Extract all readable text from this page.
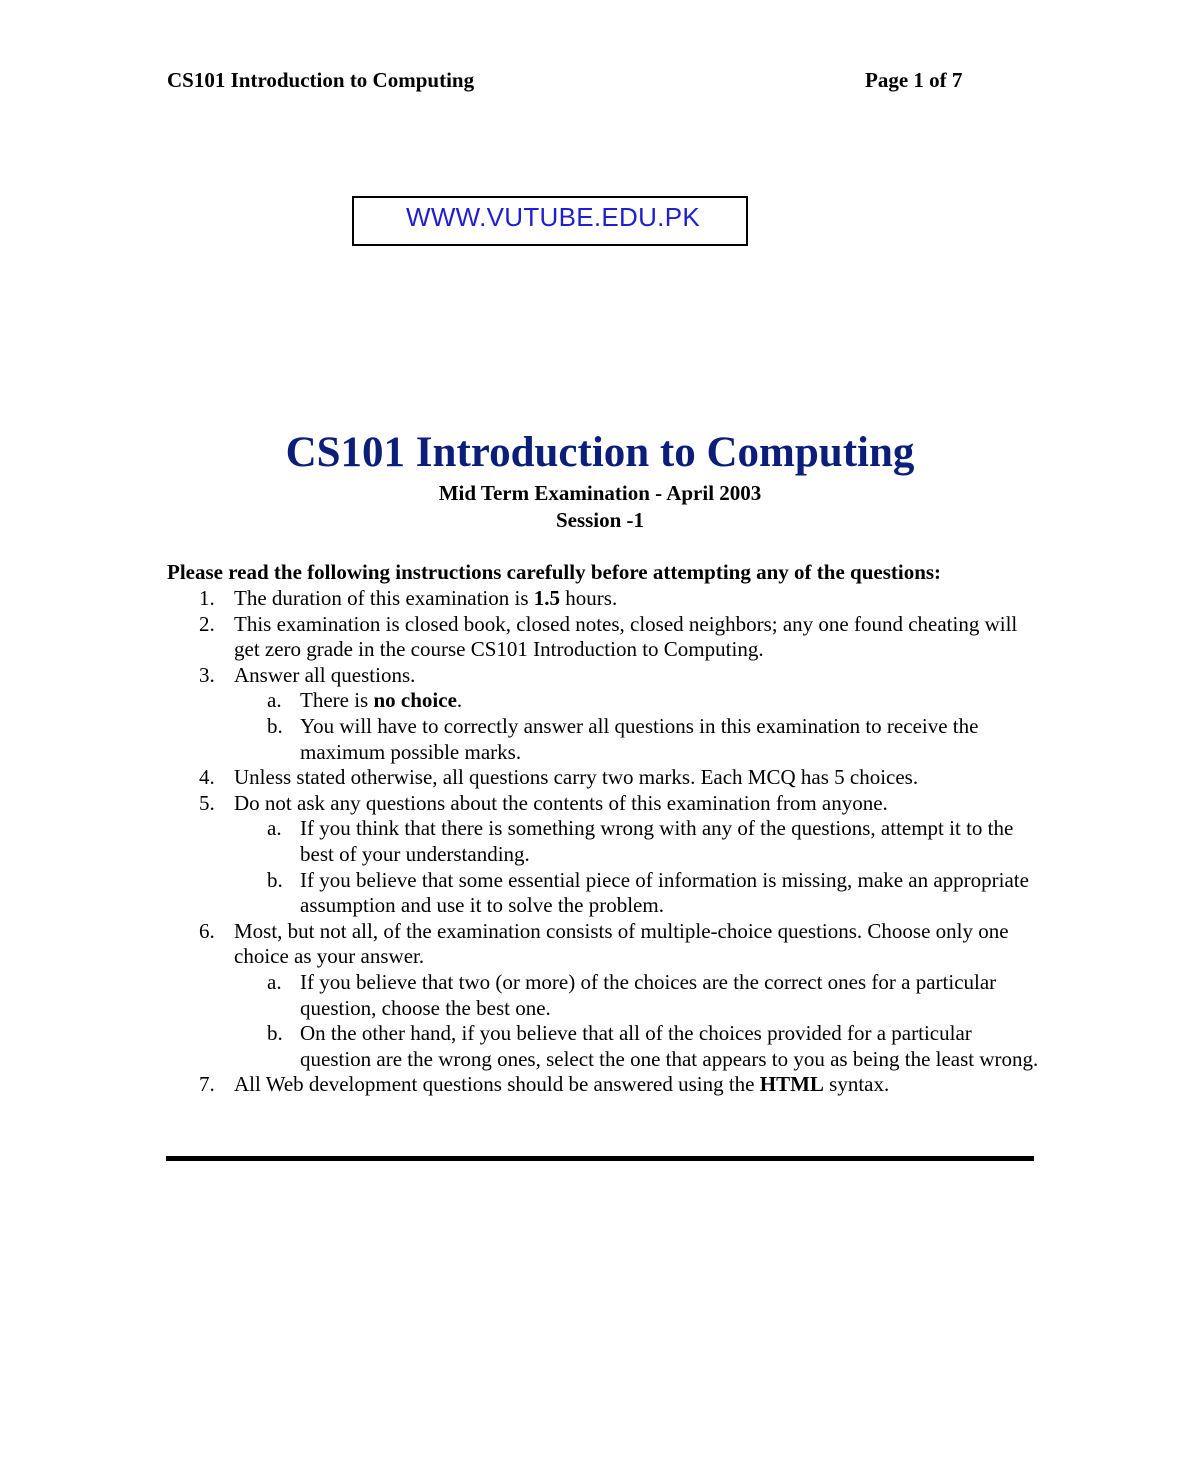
CS101 Introduction to Computing	Page 1 of 7
WWW.VUTUBE.EDU.PK
CS101 Introduction to Computing
Mid Term Examination - April 2003
Session -1
Please read the following instructions carefully before attempting any of the questions:
1. The duration of this examination is 1.5 hours.
2. This examination is closed book, closed notes, closed neighbors; any one found cheating will get zero grade in the course CS101 Introduction to Computing.
3. Answer all questions.
a. There is no choice.
b. You will have to correctly answer all questions in this examination to receive the maximum possible marks.
4. Unless stated otherwise, all questions carry two marks. Each MCQ has 5 choices.
5. Do not ask any questions about the contents of this examination from anyone.
a. If you think that there is something wrong with any of the questions, attempt it to the best of your understanding.
b. If you believe that some essential piece of information is missing, make an appropriate assumption and use it to solve the problem.
6. Most, but not all, of the examination consists of multiple-choice questions. Choose only one choice as your answer.
a. If you believe that two (or more) of the choices are the correct ones for a particular question, choose the best one.
b. On the other hand, if you believe that all of the choices provided for a particular question are the wrong ones, select the one that appears to you as being the least wrong.
7. All Web development questions should be answered using the HTML syntax.
